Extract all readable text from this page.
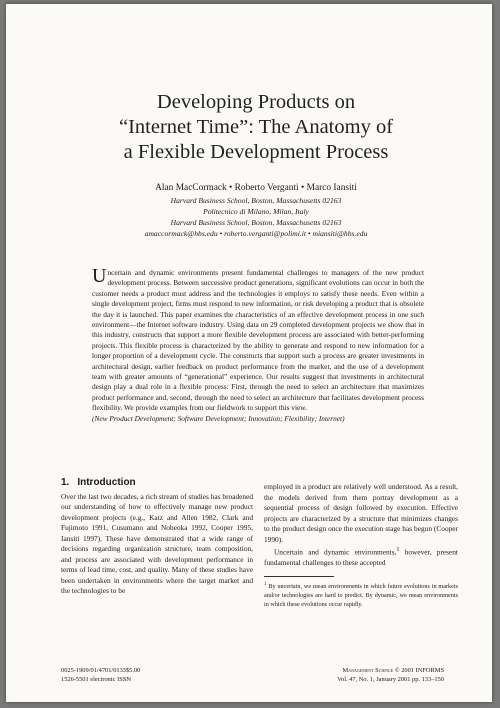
Developing Products on
“Internet Time”: The Anatomy of
a Flexible Development Process
Alan MacCormack • Roberto Verganti • Marco Iansiti
Harvard Business School, Boston, Massachusetts 02163
Politecnico di Milano, Milan, Italy
Harvard Business School, Boston, Massachusetts 02163
amaccormack@hbs.edu • roberto.verganti@polimi.it • miansiti@hbs.edu
Uncertain and dynamic environments present fundamental challenges to managers of the new product development process. Between successive product generations, significant evolutions can occur in both the customer needs a product must address and the technologies it employs to satisfy these needs. Even within a single development project, firms must respond to new information, or risk developing a product that is obsolete the day it is launched. This paper examines the characteristics of an effective development process in one such environment—the Internet software industry. Using data on 29 completed development projects we show that in this industry, constructs that support a more flexible development process are associated with better-performing projects. This flexible process is characterized by the ability to generate and respond to new information for a longer proportion of a development cycle. The constructs that support such a process are greater investments in architectural design, earlier feedback on product performance from the market, and the use of a development team with greater amounts of “generational” experience. Our results suggest that investments in architectural design play a dual role in a flexible process: First, through the need to select an architecture that maximizes product performance and, second, through the need to select an architecture that facilitates development process flexibility. We provide examples from our fieldwork to support this view.
( New Product Development; Software Development; Innovation; Flexibility; Internet )
1. Introduction

Over the last two decades, a rich stream of studies has broadened our understanding of how to effectively manage new product development projects (e.g., Katz and Allen 1982, Clark and Fujimoto 1991, Cusumano and Nobeoka 1992, Cooper 1995, Iansiti 1997). These have demonstrated that a wide range of decisions regarding organization structure, team composition, and process are associated with development performance in terms of lead time, cost, and quality. Many of these studies have been undertaken in environments where the target market and the technologies to be

employed in a product are relatively well understood. As a result, the models derived from them portray development as a sequential process of design followed by execution. Effective projects are characterized by a structure that minimizes changes to the product design once the execution stage has begun (Cooper 1990).

Uncertain and dynamic environments,$^1$ however, present fundamental challenges to these accepted

$^1$ By uncertain, we mean environments in which future evolutions in markets and/or technologies are hard to predict. By dynamic, we mean environments in which these evolutions occur rapidly.
0025-1909/01/4701/0133$5.00
1526-5501 electronic ISSN
Management Science © 2001 INFORMS
Vol. 47, No. 1, January 2001 pp. 133–150
